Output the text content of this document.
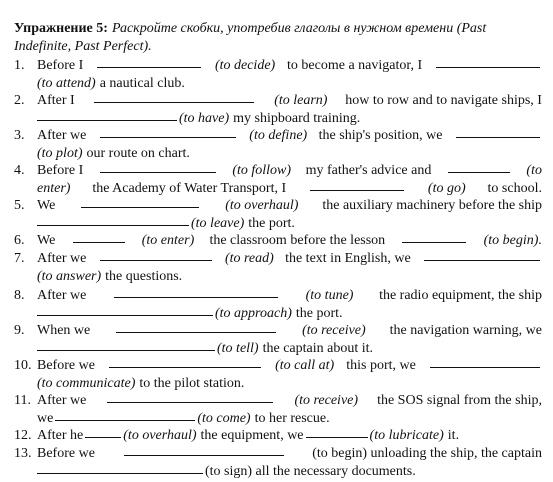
Упражнение 5 : Раскройте скобки, употребив глаголы в нужном времени (Past
Indefinite, Past Perfect).
1. Before I	(to decide) to become a navigator, I
(to attend) a nautical club.
2. After I	(to learn) how to row and to navigate ships, I
(to have) my shipboard training.
3. After we	(to define) the ship's position, we
(to plot) our route on chart.
4. Before I	(to follow) my father's advice and	(to
enter) the Academy of Water Transport, I	(to go) to school.
5. We	(to overhaul) the auxiliary machinery before the ship
(to leave) the port.
6. We	(to enter) the classroom before the lesson	(to begin).
7. After we	(to read) the text in English, we
(to answer) the questions.
8. After we	(to tune) the radio equipment, the ship
(to approach) the port.
9. When we	(to receive) the navigation warning, we
(to tell) the captain about it.
10. Before we	(to call at) this port, we
(to communicate) to the pilot station.
11. After we	(to receive) the SOS signal from the ship,
we	(to come) to her rescue.
12. After he	(to overhaul) the equipment, we	(to lubricate) it.
13. Before we	(to begin) unloading the ship, the captain
(to sign) all the necessary documents.
